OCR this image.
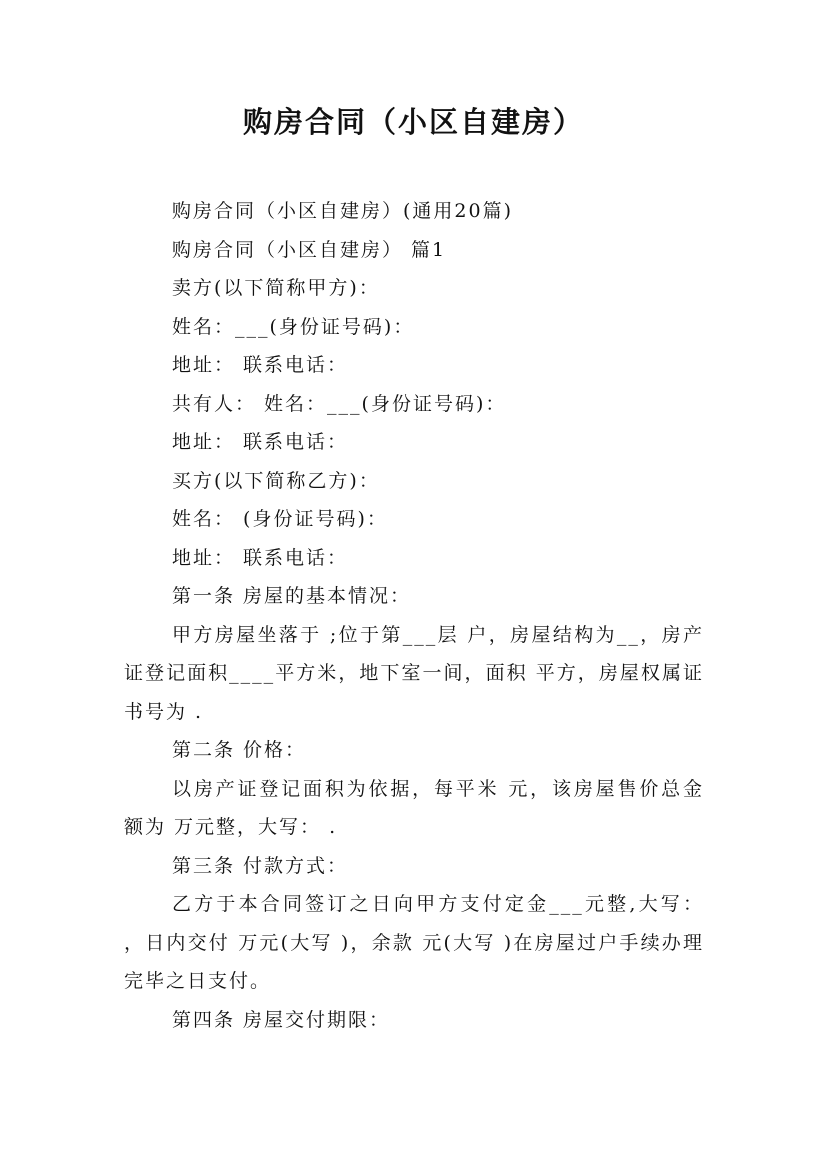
购房合同（小区自建房）

购房合同（小区自建房）(通用20篇)

购房合同（小区自建房） 篇1

卖方(以下简称甲方)：

姓名：___(身份证号码)：

地址： 联系电话：

共有人： 姓名：___(身份证号码)：

地址： 联系电话：

买方(以下简称乙方)：

姓名： (身份证号码)：

地址： 联系电话：

第一条 房屋的基本情况：

甲方房屋坐落于 ;位于第___层 户，房屋结构为__，房产证登记面积____平方米，地下室一间，面积 平方，房屋权属证书号为 .

第二条 价格：

以房产证登记面积为依据，每平米 元，该房屋售价总金额为 万元整，大写： .

第三条 付款方式：

乙方于本合同签订之日向甲方支付定金___元整,大写： ，日内交付 万元(大写 )，余款 元(大写 )在房屋过户手续办理完毕之日支付。

第四条 房屋交付期限：
